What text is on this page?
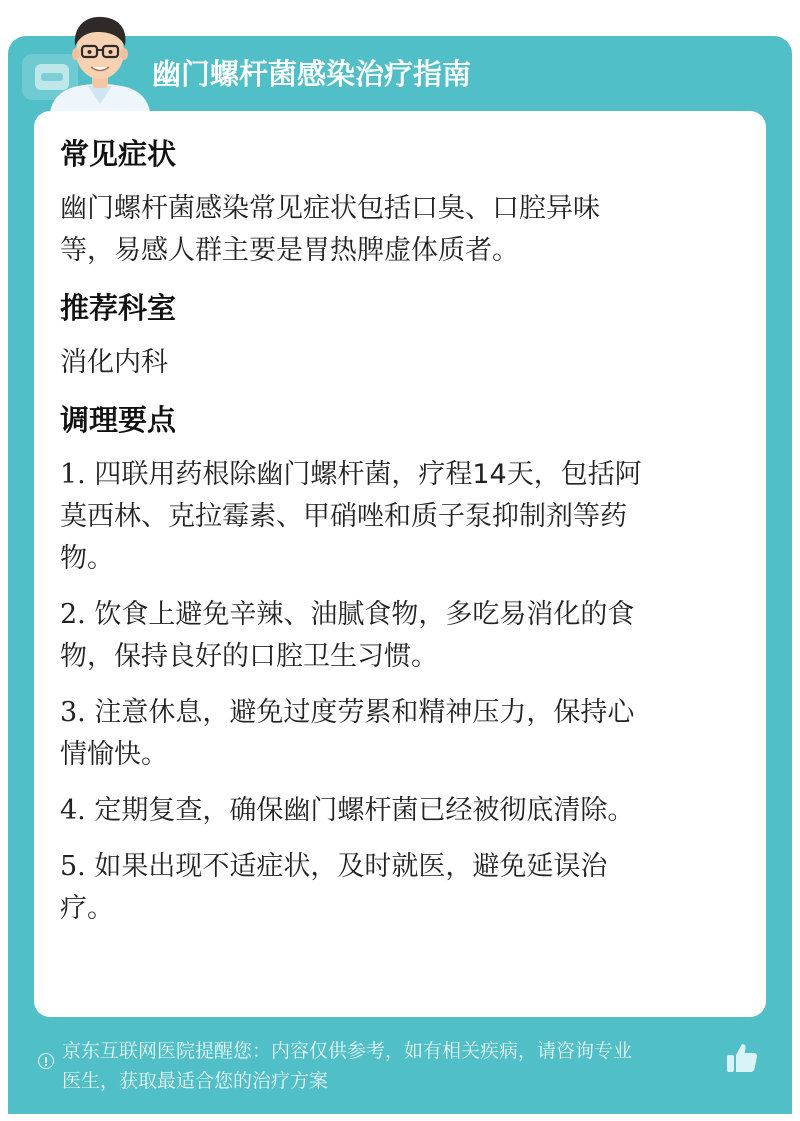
幽门螺杆菌感染治疗指南
常见症状

幽门螺杆菌感染常见症状包括口臭、口腔异味

等，易感人群主要是胃热脾虚体质者。

推荐科室

消化内科

调理要点
1. 四联用药根除幽门螺杆菌，疗程14天，包括阿
莫西林、克拉霉素、甲硝唑和质子泵抑制剂等药
物。
2. 饮食上避免辛辣、油腻食物，多吃易消化的食
物，保持良好的口腔卫生习惯。
3. 注意休息，避免过度劳累和精神压力，保持心
情愉快。
4. 定期复查，确保幽门螺杆菌已经被彻底清除。
5. 如果出现不适症状，及时就医，避免延误治
疗。
京东互联网医院提醒您：内容仅供参考，如有相关疾病，请咨询专业
医生，获取最适合您的治疗方案
